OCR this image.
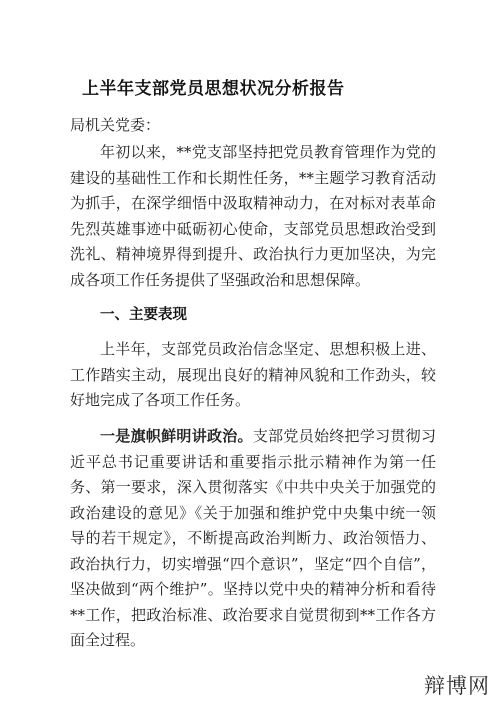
上半年支部党员思想状况分析报告
局机关党委：

年初以来，**党支部坚持把党员教育管理作为党的建设的基础性工作和长期性任务，**主题学习教育活动为抓手，在深学细悟中汲取精神动力，在对标对表革命先烈英雄事迹中砥砺初心使命，支部党员思想政治受到洗礼、精神境界得到提升、政治执行力更加坚决，为完成各项工作任务提供了坚强政治和思想保障。

一、主要表现

上半年，支部党员政治信念坚定、思想积极上进、工作踏实主动，展现出良好的精神风貌和工作劲头，较好地完成了各项工作任务。

一是旗帜鲜明讲政治。支部党员始终把学习贯彻习近平总书记重要讲话和重要指示批示精神作为第一任务、第一要求，深入贯彻落实《中共中央关于加强党的政治建设的意见》《关于加强和维护党中央集中统一领导的若干规定》，不断提高政治判断力、政治领悟力、政治执行力，切实增强“四个意识”，坚定“四个自信”，坚决做到“两个维护”。坚持以党中央的精神分析和看待**工作，把政治标准、政治要求自觉贯彻到**工作各方面全过程。

辩博网
